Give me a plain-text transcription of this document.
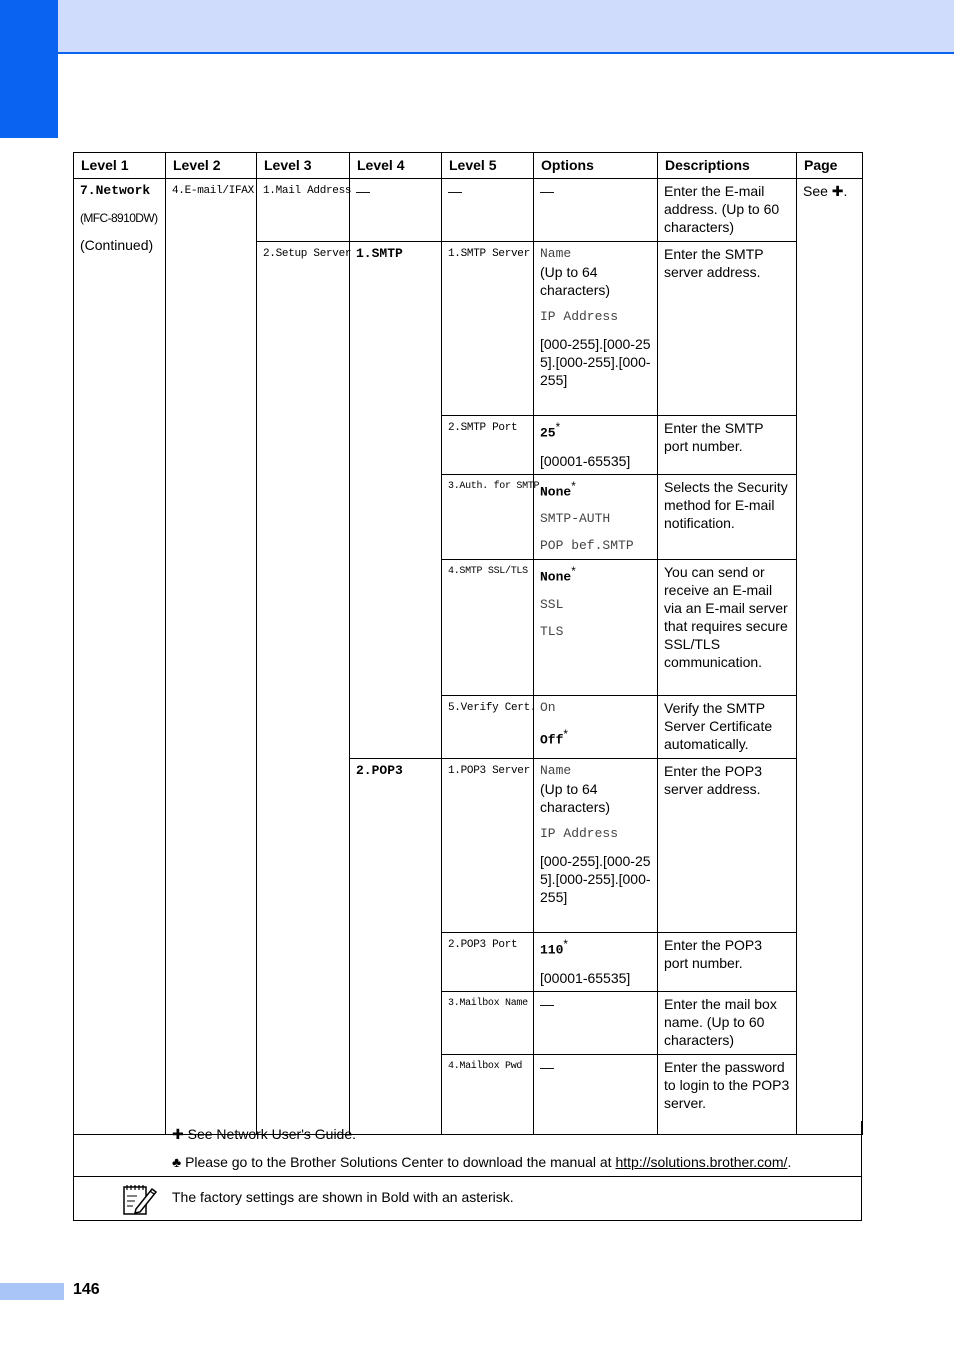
Level 1	Level 2	Level 3	Level 4	Level 5	Options	Descriptions	Page

7.Network
(MFC-8910DW)
(Continued)	4.E-mail/IFAX	1.Mail Address	—	—	—	Enter the E-mail address. (Up to 60 characters)	See ✚.

		2.Setup Server	1.SMTP	1.SMTP Server	Name
(Up to 64 characters)
IP Address
[000-255].[000-255].[000-255].[000-255]	Enter the SMTP server address.	

				2.SMTP Port	25*
[00001-65535]	Enter the SMTP port number.	

				3.Auth. for SMTP	None*
SMTP-AUTH
POP bef.SMTP	Selects the Security method for E-mail notification.	

				4.SMTP SSL/TLS	None*
SSL
TLS	You can send or receive an E-mail via an E-mail server that requires secure SSL/TLS communication.	

				5.Verify Cert.	On
Off*	Verify the SMTP Server Certificate automatically.	

			2.POP3	1.POP3 Server	Name
(Up to 64 characters)
IP Address
[000-255].[000-255].[000-255].[000-255]	Enter the POP3 server address.	

				2.POP3 Port	110*
[00001-65535]	Enter the POP3 port number.	

				3.Mailbox Name	—	Enter the mail box name. (Up to 60 characters)	

				4.Mailbox Pwd	—	Enter the password to login to the POP3 server.	
✚ See Network User's Guide.
♣ Please go to the Brother Solutions Center to download the manual at http://solutions.brother.com/.
The factory settings are shown in Bold with an asterisk.
146
